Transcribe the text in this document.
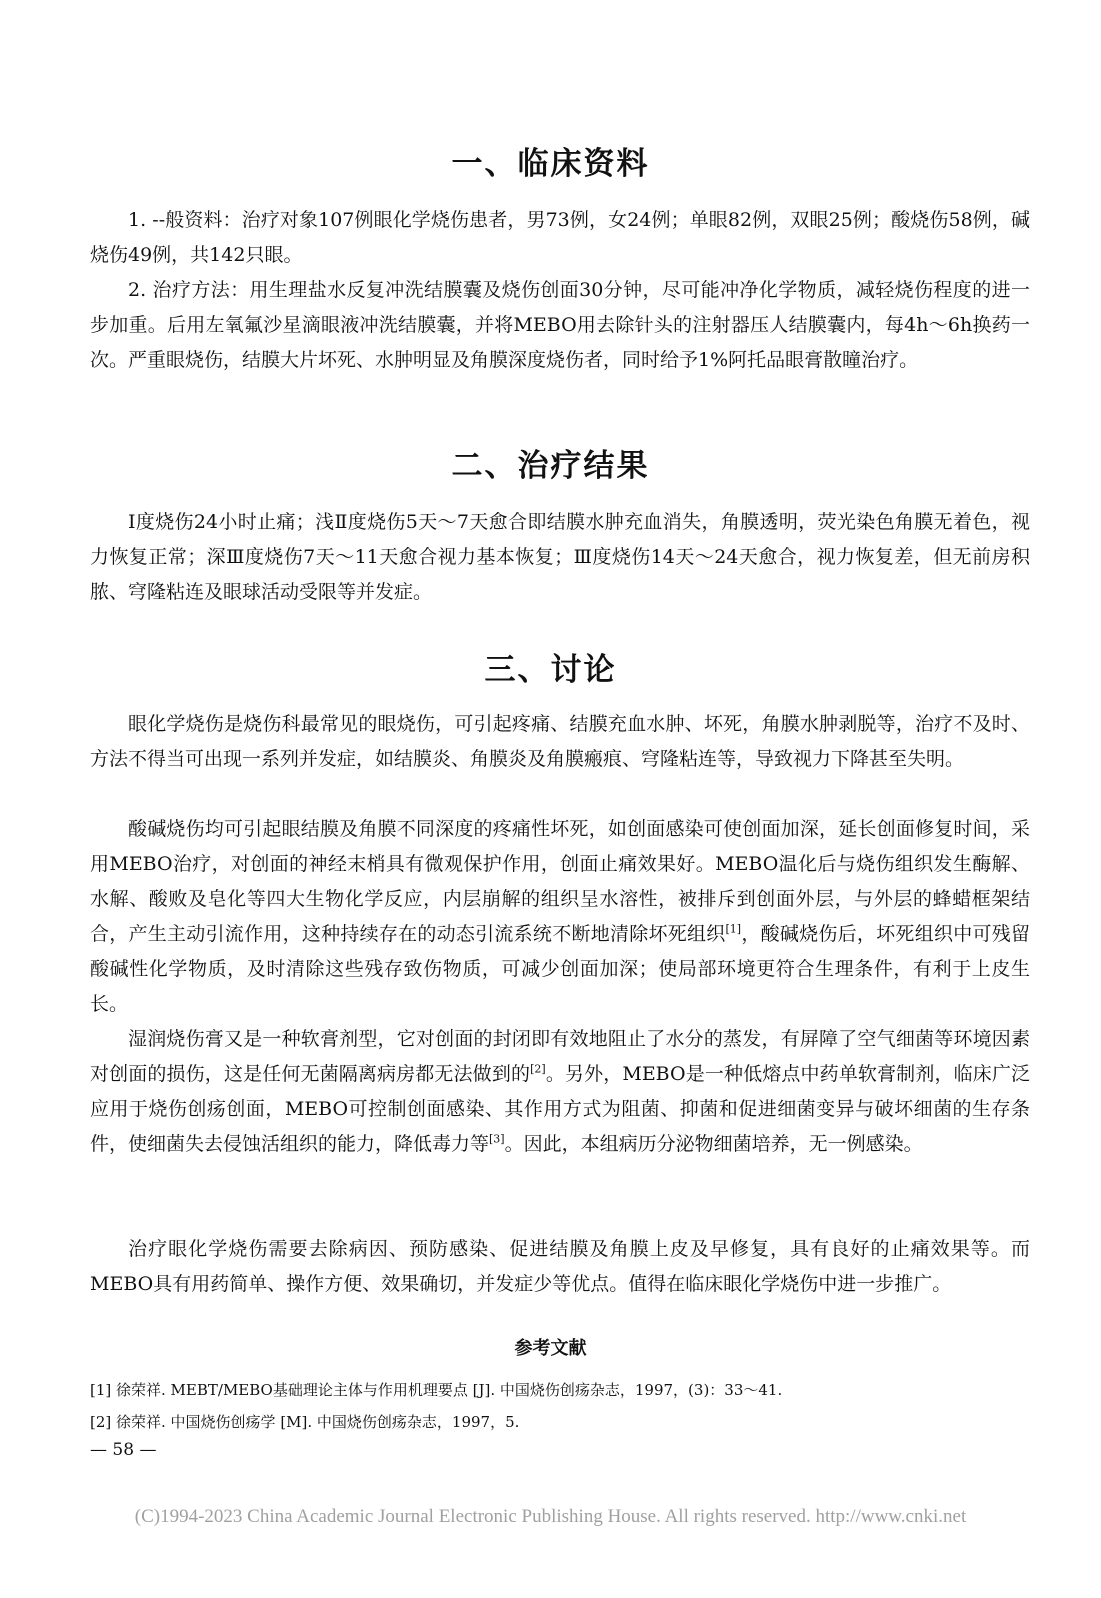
一、临床资料

1. --般资料：治疗对象107例眼化学烧伤患者，男73例，女24例；单眼82例，双眼25例；酸烧伤58例，碱烧伤49例，共142只眼。

2. 治疗方法：用生理盐水反复冲洗结膜囊及烧伤创面30分钟，尽可能冲净化学物质，减轻烧伤程度的进一步加重。后用左氧氟沙星滴眼液冲洗结膜囊，并将MEBO用去除针头的注射器压人结膜囊内，每4h～6h换药一次。严重眼烧伤，结膜大片坏死、水肿明显及角膜深度烧伤者，同时给予1%阿托品眼膏散瞳治疗。

二、治疗结果

I度烧伤24小时止痛；浅Ⅱ度烧伤5天～7天愈合即结膜水肿充血消失，角膜透明，荧光染色角膜无着色，视力恢复正常；深Ⅲ度烧伤7天～11天愈合视力基本恢复；Ⅲ度烧伤14天～24天愈合，视力恢复差，但无前房积脓、穹隆粘连及眼球活动受限等并发症。

三、讨论

眼化学烧伤是烧伤科最常见的眼烧伤，可引起疼痛、结膜充血水肿、坏死，角膜水肿剥脱等，治疗不及时、方法不得当可出现一系列并发症，如结膜炎、角膜炎及角膜瘢痕、穹隆粘连等，导致视力下降甚至失明。

酸碱烧伤均可引起眼结膜及角膜不同深度的疼痛性坏死，如创面感染可使创面加深，延长创面修复时间，采用MEBO治疗，对创面的神经末梢具有微观保护作用，创面止痛效果好。MEBO温化后与烧伤组织发生酶解、水解、酸败及皂化等四大生物化学反应，内层崩解的组织呈水溶性，被排斥到创面外层，与外层的蜂蜡框架结合，产生主动引流作用，这种持续存在的动态引流系统不断地清除坏死组织[1]，酸碱烧伤后，坏死组织中可残留酸碱性化学物质，及时清除这些残存致伤物质，可减少创面加深；使局部环境更符合生理条件，有利于上皮生长。

湿润烧伤膏又是一种软膏剂型，它对创面的封闭即有效地阻止了水分的蒸发，有屏障了空气细菌等环境因素对创面的损伤，这是任何无菌隔离病房都无法做到的[2]。另外，MEBO是一种低熔点中药单软膏制剂，临床广泛应用于烧伤创疡创面，MEBO可控制创面感染、其作用方式为阻菌、抑菌和促进细菌变异与破坏细菌的生存条件，使细菌失去侵蚀活组织的能力，降低毒力等[3]。因此，本组病历分泌物细菌培养，无一例感染。

治疗眼化学烧伤需要去除病因、预防感染、促进结膜及角膜上皮及早修复，具有良好的止痛效果等。而MEBO具有用药简单、操作方便、效果确切，并发症少等优点。值得在临床眼化学烧伤中进一步推广。

参考文献
[1] 徐荣祥. MEBT/MEBO基础理论主体与作用机理要点 [J]. 中国烧伤创疡杂志，1997，(3)：33～41.
[2] 徐荣祥. 中国烧伤创疡学 [M]. 中国烧伤创疡杂志，1997，5.
— 58 —
(C)1994-2023 China Academic Journal Electronic Publishing House. All rights reserved. http://www.cnki.net
